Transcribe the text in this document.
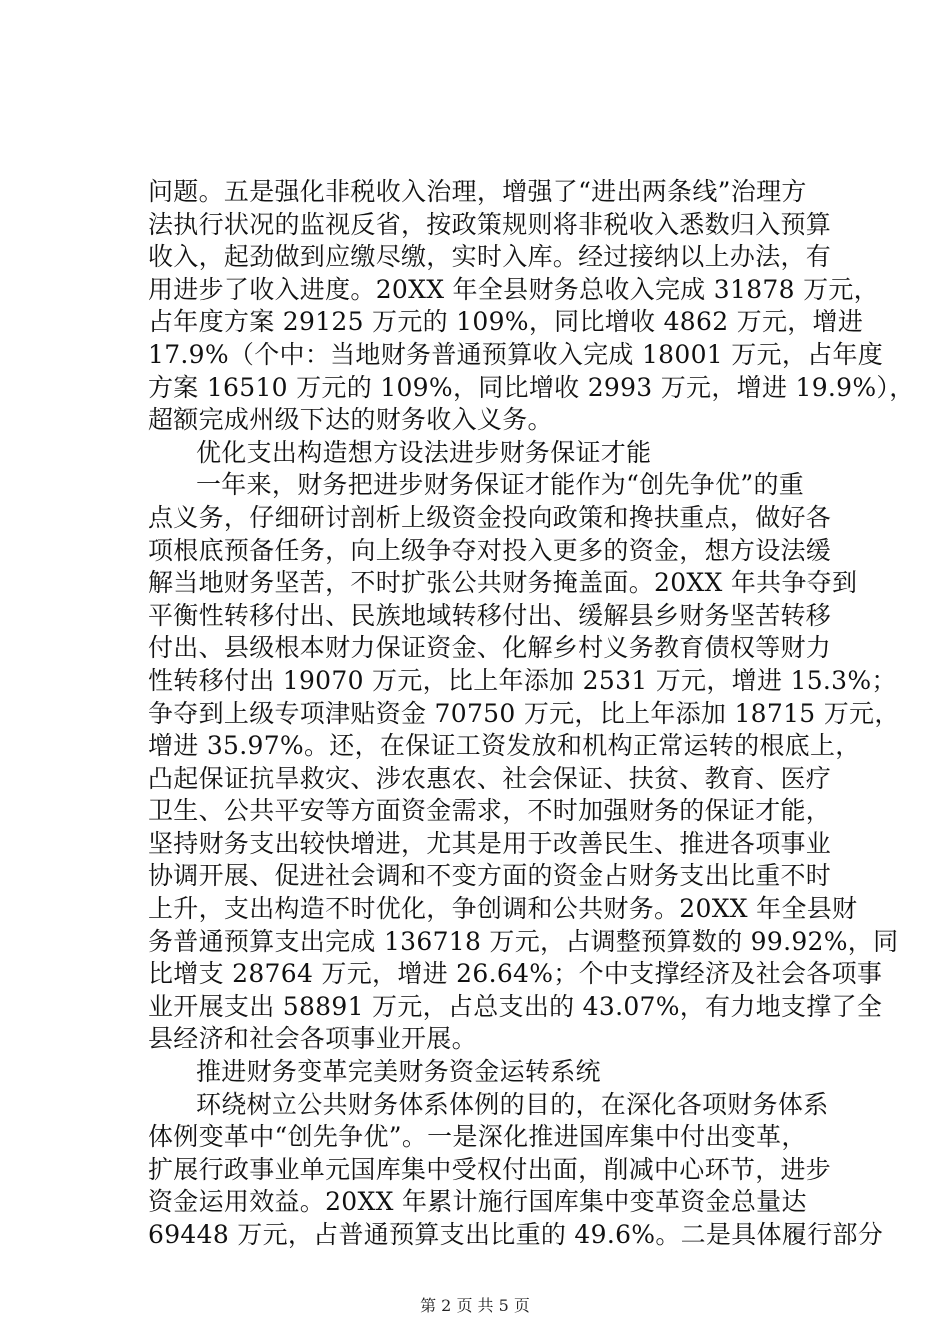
问题。五是强化非税收入治理，增强了“进出两条线”治理方
法执行状况的监视反省，按政策规则将非税收入悉数归入预算
收入，起劲做到应缴尽缴，实时入库。经过接纳以上办法，有
用进步了收入进度。20XX 年全县财务总收入完成 31878 万元，
占年度方案 29125 万元的 109%，同比增收 4862 万元，增进
17.9%（个中：当地财务普通预算收入完成 18001 万元，占年度
方案 16510 万元的 109%，同比增收 2993 万元，增进 19.9%），
超额完成州级下达的财务收入义务。
优化支出构造想方设法进步财务保证才能
一年来，财务把进步财务保证才能作为“创先争优”的重
点义务，仔细研讨剖析上级资金投向政策和搀扶重点，做好各
项根底预备任务，向上级争夺对投入更多的资金，想方设法缓
解当地财务坚苦，不时扩张公共财务掩盖面。20XX 年共争夺到
平衡性转移付出、民族地域转移付出、缓解县乡财务坚苦转移
付出、县级根本财力保证资金、化解乡村义务教育债权等财力
性转移付出 19070 万元，比上年添加 2531 万元，增进 15.3%；
争夺到上级专项津贴资金 70750 万元，比上年添加 18715 万元，
增进 35.97%。还，在保证工资发放和机构正常运转的根底上，
凸起保证抗旱救灾、涉农惠农、社会保证、扶贫、教育、医疗
卫生、公共平安等方面资金需求，不时加强财务的保证才能，
坚持财务支出较快增进，尤其是用于改善民生、推进各项事业
协调开展、促进社会调和不变方面的资金占财务支出比重不时
上升，支出构造不时优化，争创调和公共财务。20XX 年全县财
务普通预算支出完成 136718 万元，占调整预算数的 99.92%，同
比增支 28764 万元，增进 26.64%；个中支撑经济及社会各项事
业开展支出 58891 万元，占总支出的 43.07%，有力地支撑了全
县经济和社会各项事业开展。
推进财务变革完美财务资金运转系统
环绕树立公共财务体系体例的目的，在深化各项财务体系
体例变革中“创先争优”。一是深化推进国库集中付出变革，
扩展行政事业单元国库集中受权付出面，削减中心环节，进步
资金运用效益。20XX 年累计施行国库集中变革资金总量达
69448 万元，占普通预算支出比重的 49.6%。二是具体履行部分
第 2 页 共 5 页
